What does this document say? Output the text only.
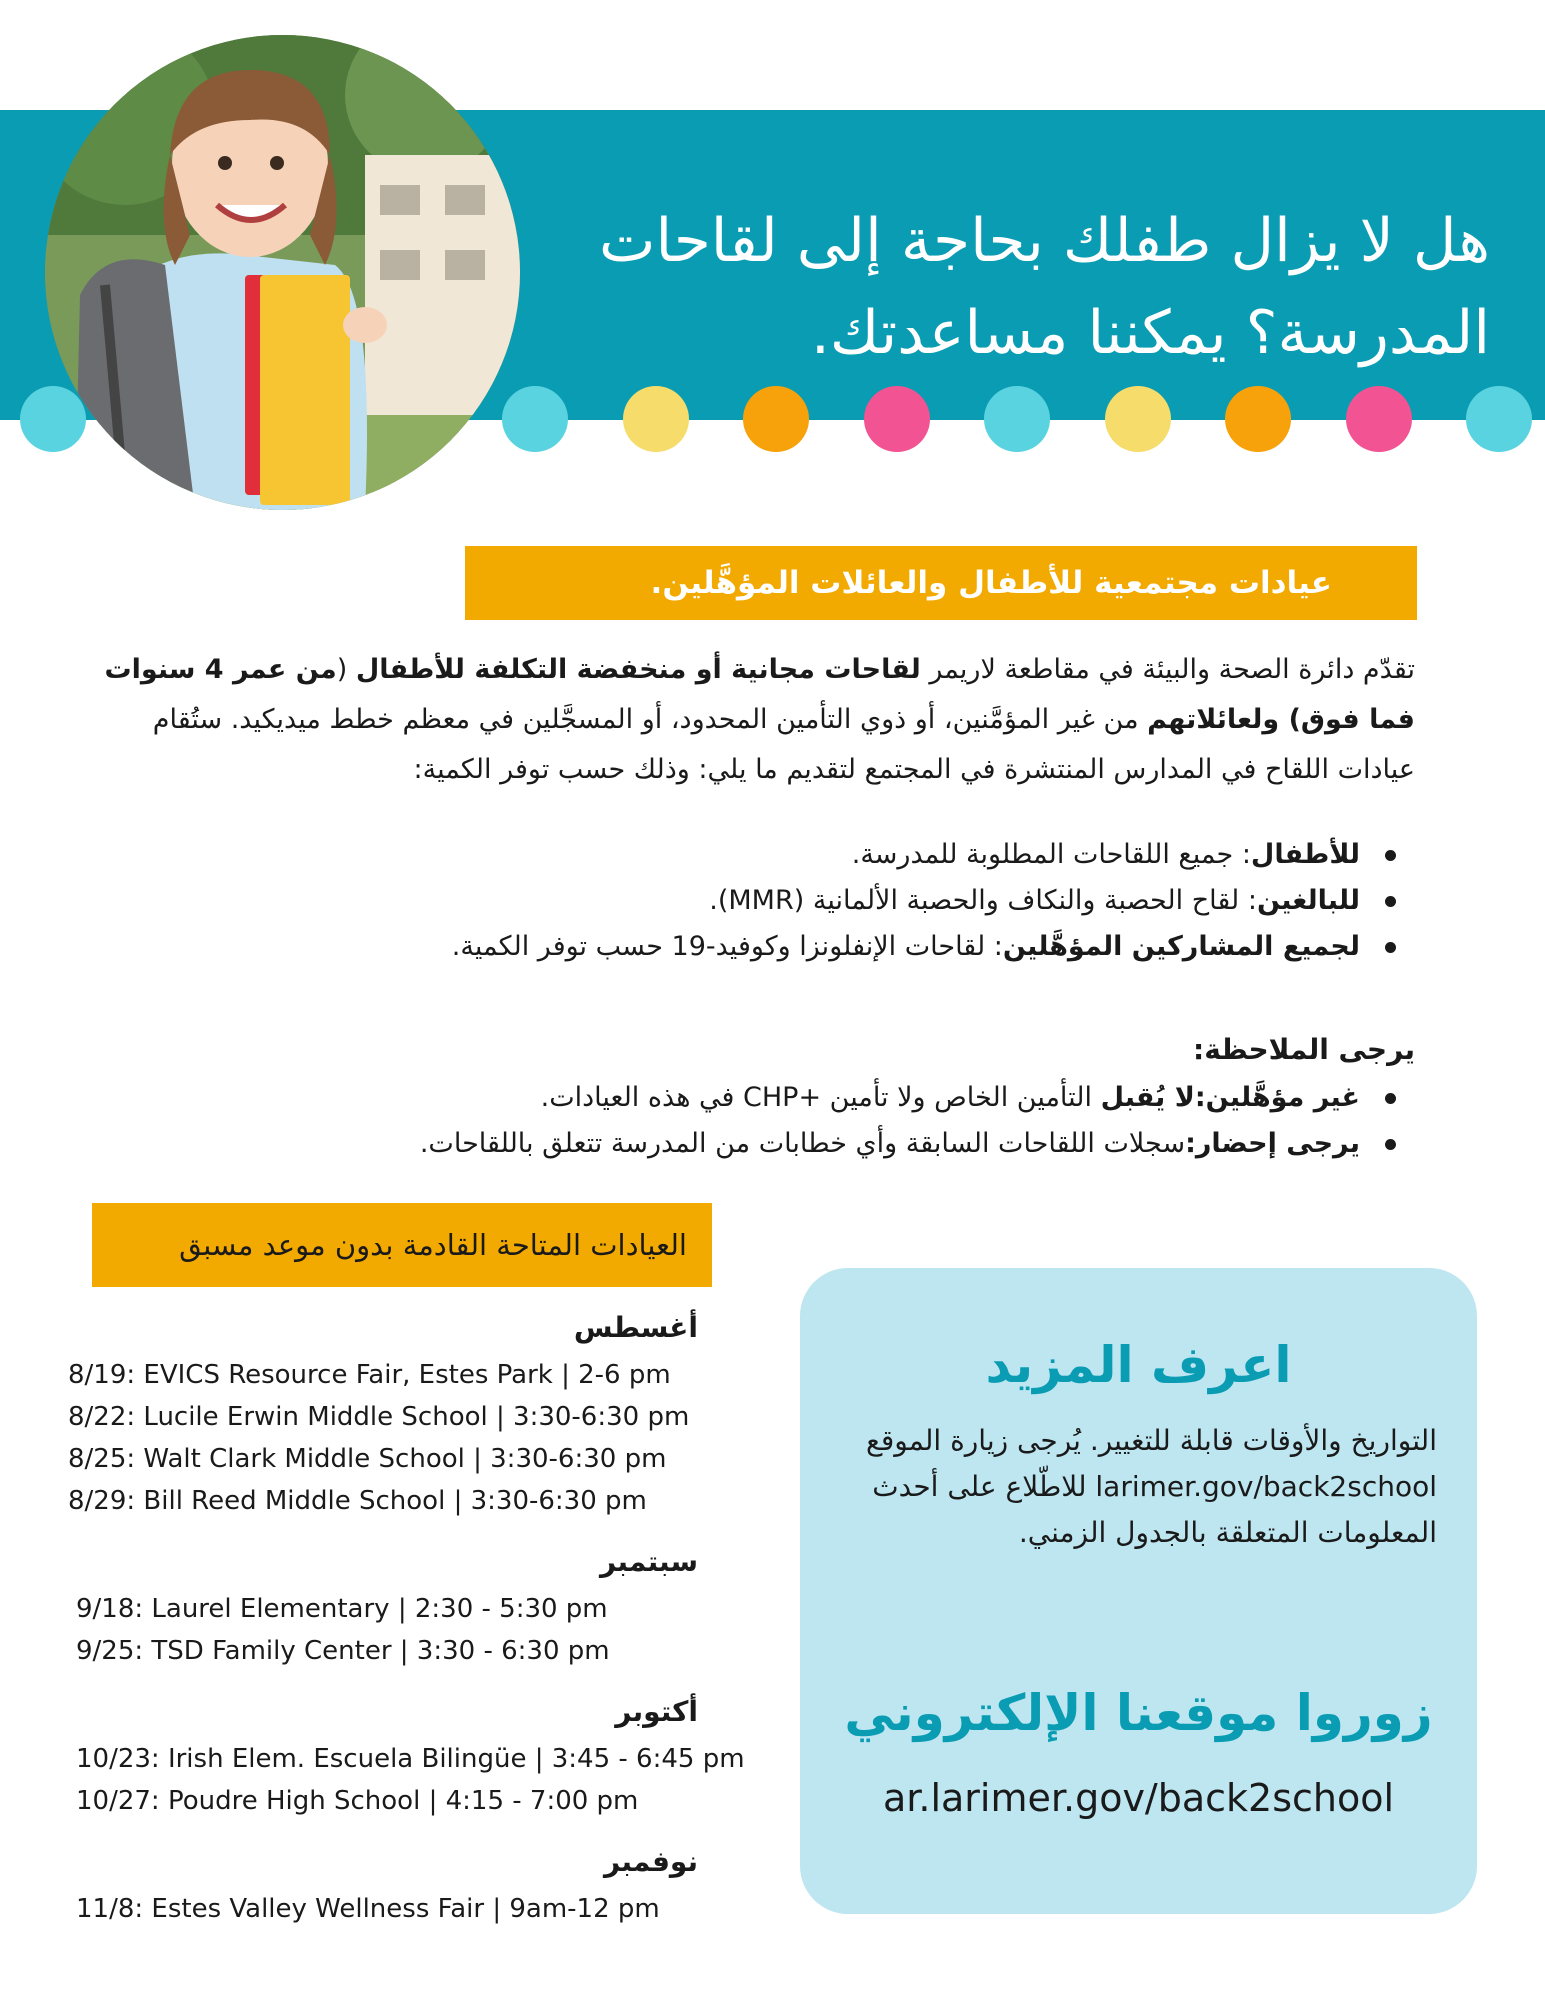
هل لا يزال طفلك بحاجة إلى لقاحات
المدرسة؟ يمكننا مساعدتك.
عيادات مجتمعية للأطفال والعائلات المؤهَّلين.
تقدّم دائرة الصحة والبيئة في مقاطعة لاريمر لقاحات مجانية أو منخفضة التكلفة للأطفال (من عمر 4 سنوات فما فوق) ولعائلاتهم من غير المؤمَّنين، أو ذوي التأمين المحدود، أو المسجَّلين في معظم خطط ميديكيد. ستُقام عيادات اللقاح في المدارس المنتشرة في المجتمع لتقديم ما يلي: وذلك حسب توفر الكمية:
للأطفال: جميع اللقاحات المطلوبة للمدرسة.
للبالغين: لقاح الحصبة والنكاف والحصبة الألمانية (MMR).
لجميع المشاركين المؤهَّلين: لقاحات الإنفلونزا وكوفيد-19 حسب توفر الكمية.
يرجى الملاحظة:
غير مؤهَّلين:لا يُقبل التأمين الخاص ولا تأمين +CHP في هذه العيادات.
يرجى إحضار:سجلات اللقاحات السابقة وأي خطابات من المدرسة تتعلق باللقاحات.
العيادات المتاحة القادمة بدون موعد مسبق
أغسطس
8/19: EVICS Resource Fair, Estes Park | 2-6 pm
8/22: Lucile Erwin Middle School | 3:30-6:30 pm
8/25: Walt Clark Middle School | 3:30-6:30 pm
8/29: Bill Reed Middle School | 3:30-6:30 pm
سبتمبر
9/18: Laurel Elementary | 2:30 - 5:30 pm
9/25: TSD Family Center | 3:30 - 6:30 pm
أكتوبر
10/23: Irish Elem. Escuela Bilingüe | 3:45 - 6:45 pm
10/27: Poudre High School | 4:15 - 7:00 pm
نوفمبر
11/8: Estes Valley Wellness Fair | 9am-12 pm
اعرف المزيد
التواريخ والأوقات قابلة للتغيير. يُرجى زيارة الموقع larimer.gov/back2school للاطّلاع على أحدث المعلومات المتعلقة بالجدول الزمني.
زوروا موقعنا الإلكتروني
ar.larimer.gov/back2school
